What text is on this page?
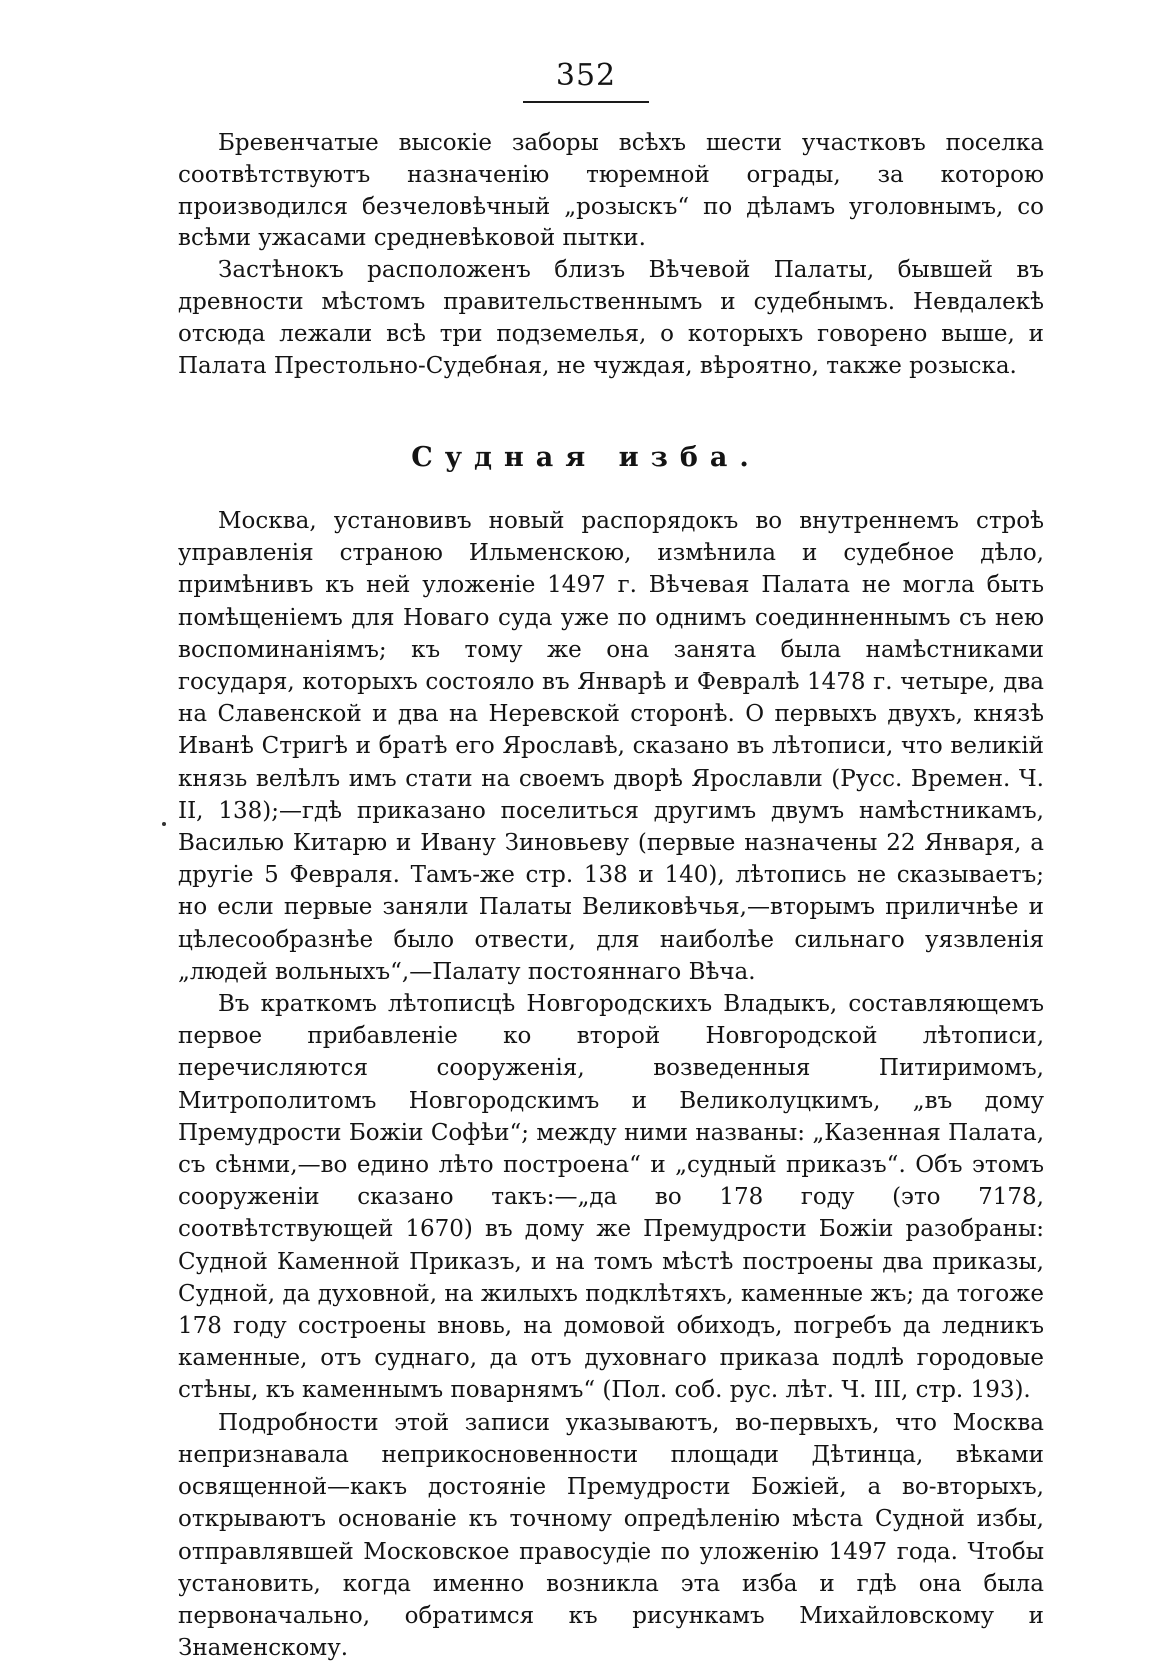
352

Бревенчатые высокіе заборы всѣхъ шести участковъ поселка соотвѣтствуютъ назначенію тюремной ограды, за которою производился безчеловѣчный „розыскъ“ по дѣламъ уголовнымъ, со всѣми ужасами средневѣковой пытки.

Застѣнокъ расположенъ близъ Вѣчевой Палаты, бывшей въ древности мѣстомъ правительственнымъ и судебнымъ. Невдалекѣ отсюда лежали всѣ три подземелья, о которыхъ говорено выше, и Палата Престольно-Судебная, не чуждая, вѣроятно, также розыска.

Судная изба.

Москва, установивъ новый распорядокъ во внутреннемъ строѣ управленія страною Ильменскою, измѣнила и судебное дѣло, примѣнивъ къ ней уложеніе 1497 г. Вѣчевая Палата не могла быть помѣщеніемъ для Новаго суда уже по однимъ соединненнымъ съ нею воспоминаніямъ; къ тому же она занята была намѣстниками государя, которыхъ состояло въ Январѣ и Февралѣ 1478 г. четыре, два на Славенской и два на Неревской сторонѣ. О первыхъ двухъ, князѣ Иванѣ Стригѣ и братѣ его Ярославѣ, сказано въ лѣтописи, что великій князь велѣлъ имъ стати на своемъ дворѣ Ярославли (Русс. Времен. Ч. II, 138);—гдѣ приказано поселиться другимъ двумъ намѣстникамъ, Василью Китарю и Ивану Зиновьеву (первые назначены 22 Января, а другіе 5 Февраля. Тамъ-же стр. 138 и 140), лѣтопись не сказываетъ; но если первые заняли Палаты Великовѣчья,—вторымъ приличнѣе и цѣлесообразнѣе было отвести, для наиболѣе сильнаго уязвленія „людей вольныхъ“,—Палату постояннаго Вѣча.

Въ краткомъ лѣтописцѣ Новгородскихъ Владыкъ, составляющемъ первое прибавленіе ко второй Новгородской лѣтописи, перечисляются сооруженія, возведенныя Питиримомъ, Митрополитомъ Новгородскимъ и Великолуцкимъ, „въ дому Премудрости Божіи Софѣи“; между ними названы: „Казенная Палата, съ сѣнми,—во едино лѣто построена“ и „судный приказъ“. Объ этомъ сооруженіи сказано такъ:—„да во 178 году (это 7178, соотвѣтствующей 1670) въ дому же Премудрости Божіи разобраны: Судной Каменной Приказъ, и на томъ мѣстѣ построены два приказы, Судной, да духовной, на жилыхъ подклѣтяхъ, каменные жъ; да тогоже 178 году состроены вновь, на домовой обиходъ, погребъ да ледникъ каменные, отъ суднаго, да отъ духовнаго приказа подлѣ городовые стѣны, къ каменнымъ поварнямъ“ (Пол. соб. рус. лѣт. Ч. III, стр. 193).

Подробности этой записи указываютъ, во-первыхъ, что Москва непризнавала неприкосновенности площади Дѣтинца, вѣками освященной—какъ достояніе Премудрости Божіей, а во-вторыхъ, открываютъ основаніе къ точному опредѣленію мѣста Судной избы, отправлявшей Московское правосудіе по уложенію 1497 года. Чтобы установить, когда именно возникла эта изба и гдѣ она была первоначально, обратимся къ рисункамъ Михайловскому и Знаменскому.
